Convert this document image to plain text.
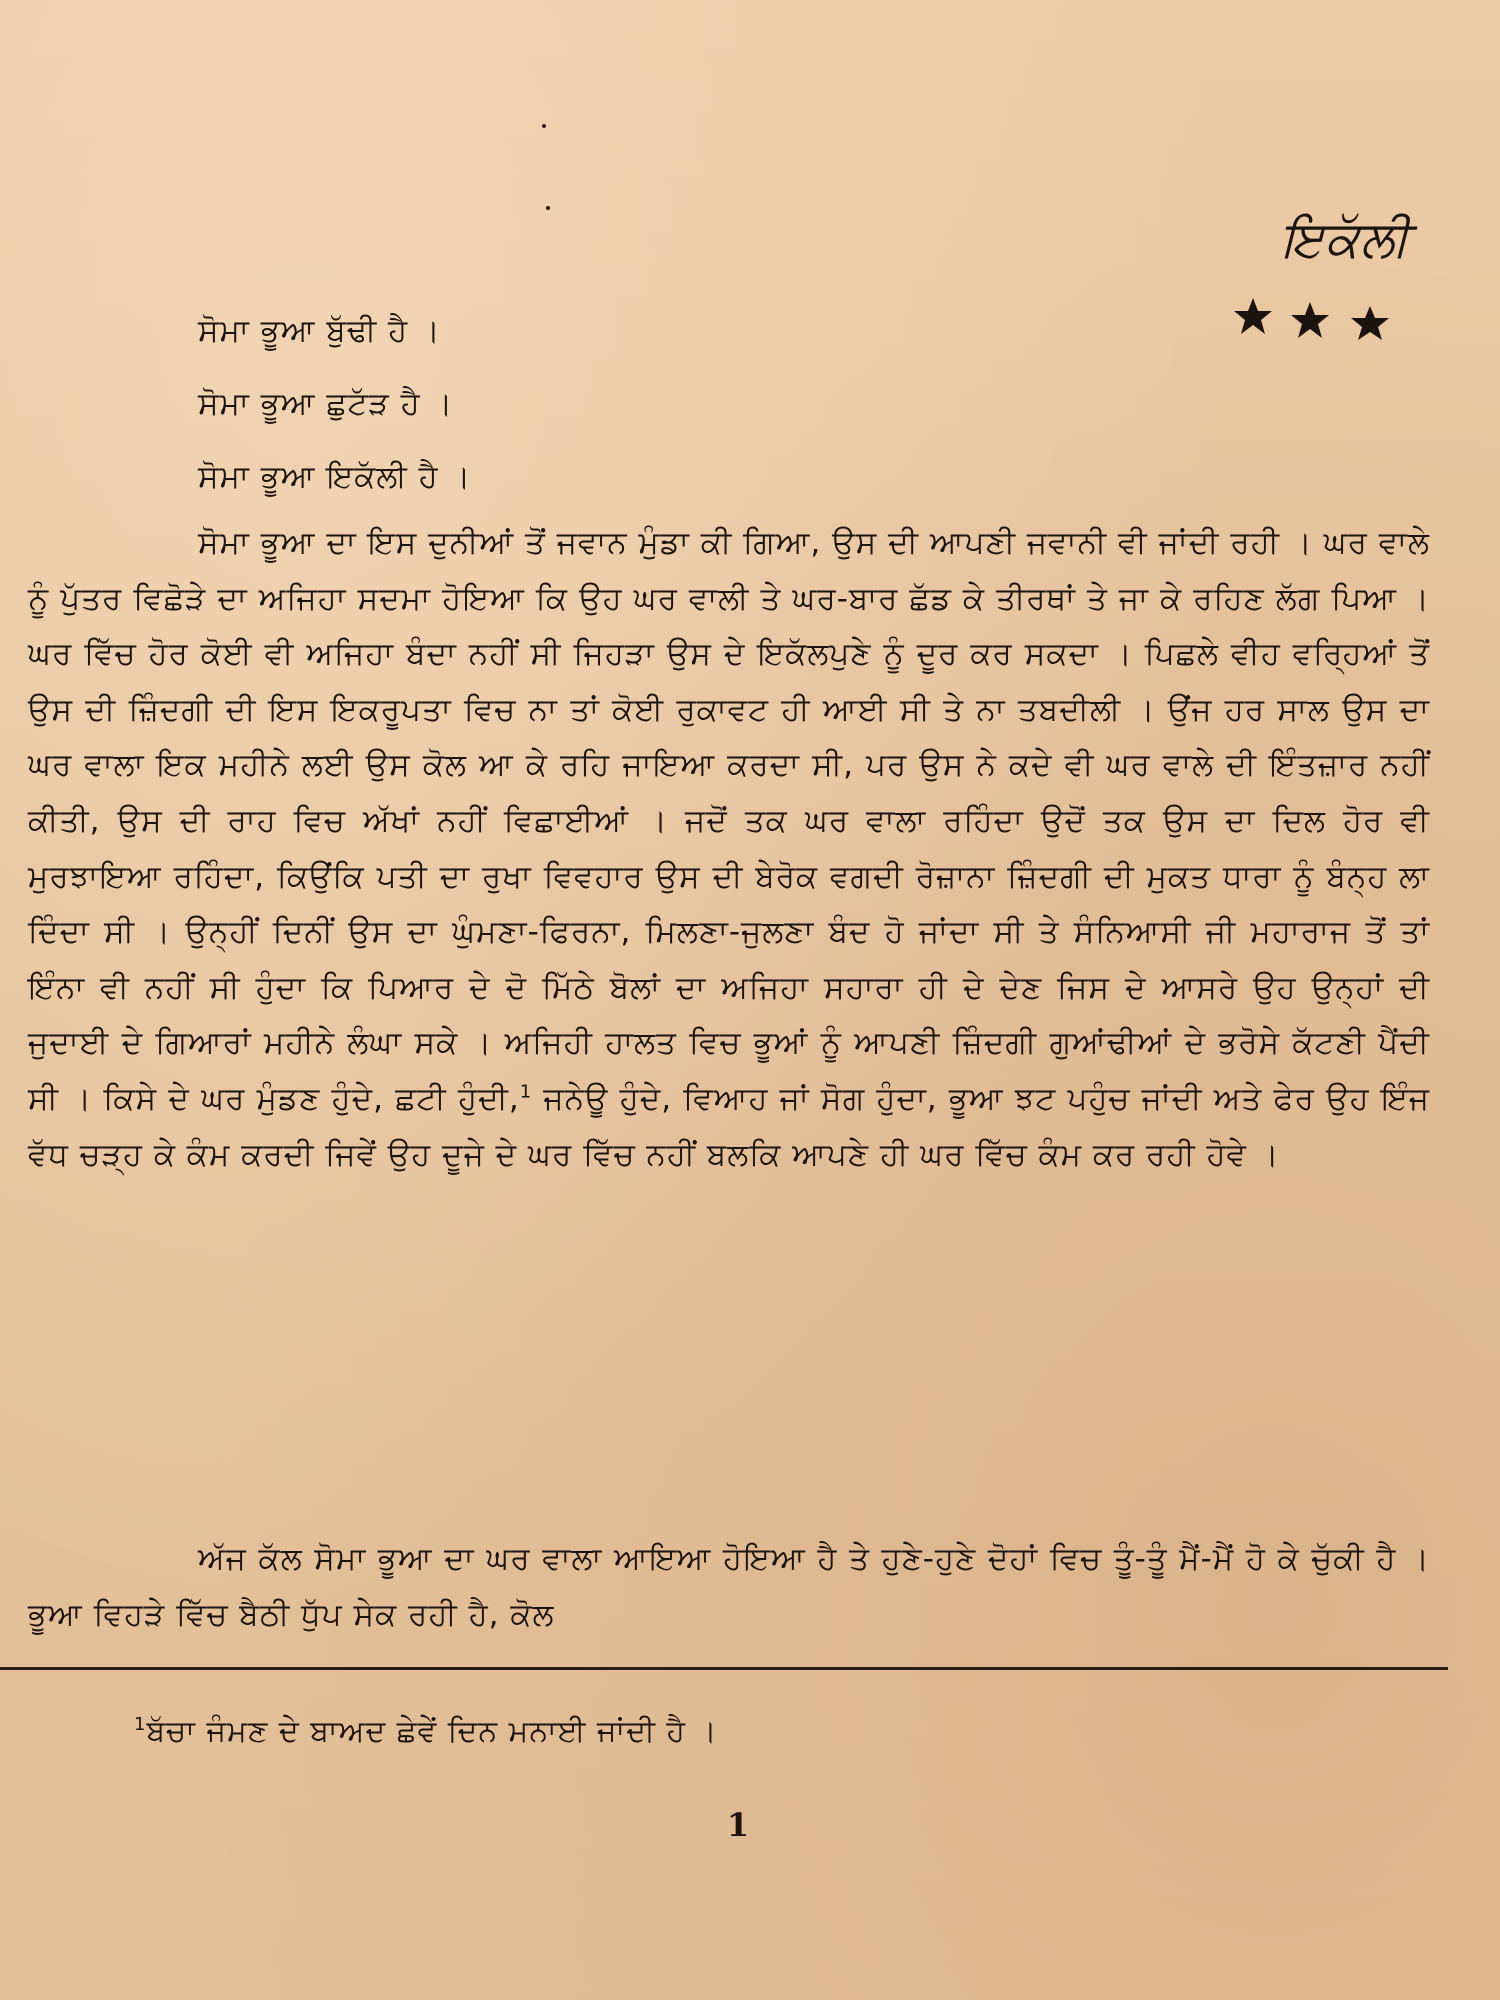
ਇਕੱਲੀ
ਸੋਮਾ ਭੂਆ ਬੁੱਢੀ ਹੈ ।
ਸੋਮਾ ਭੂਆ ਛੁਟੱੜ ਹੈ ।
ਸੋਮਾ ਭੂਆ ਇਕੱਲੀ ਹੈ ।

ਸੋਮਾ ਭੂਆ ਦਾ ਇਸ ਦੁਨੀਆਂ ਤੋਂ ਜਵਾਨ ਮੁੰਡਾ ਕੀ ਗਿਆ, ਉਸ ਦੀ ਆਪਣੀ ਜਵਾਨੀ ਵੀ ਜਾਂਦੀ ਰਹੀ । ਘਰ ਵਾਲੇ ਨੂੰ ਪੁੱਤਰ ਵਿਛੋੜੇ ਦਾ ਅਜਿਹਾ ਸਦਮਾ ਹੋਇਆ ਕਿ ਉਹ ਘਰ ਵਾਲੀ ਤੇ ਘਰ-ਬਾਰ ਛੱਡ ਕੇ ਤੀਰਥਾਂ ਤੇ ਜਾ ਕੇ ਰਹਿਣ ਲੱਗ ਪਿਆ । ਘਰ ਵਿੱਚ ਹੋਰ ਕੋਈ ਵੀ ਅਜਿਹਾ ਬੰਦਾ ਨਹੀਂ ਸੀ ਜਿਹੜਾ ਉਸ ਦੇ ਇਕੱਲਪੁਣੇ ਨੂੰ ਦੂਰ ਕਰ ਸਕਦਾ । ਪਿਛਲੇ ਵੀਹ ਵਰ੍ਹਿਆਂ ਤੋਂ ਉਸ ਦੀ ਜ਼ਿੰਦਗੀ ਦੀ ਇਸ ਇਕਰੂਪਤਾ ਵਿਚ ਨਾ ਤਾਂ ਕੋਈ ਰੁਕਾਵਟ ਹੀ ਆਈ ਸੀ ਤੇ ਨਾ ਤਬਦੀਲੀ । ਉਂਜ ਹਰ ਸਾਲ ਉਸ ਦਾ ਘਰ ਵਾਲਾ ਇਕ ਮਹੀਨੇ ਲਈ ਉਸ ਕੋਲ ਆ ਕੇ ਰਹਿ ਜਾਇਆ ਕਰਦਾ ਸੀ, ਪਰ ਉਸ ਨੇ ਕਦੇ ਵੀ ਘਰ ਵਾਲੇ ਦੀ ਇੰਤਜ਼ਾਰ ਨਹੀਂ ਕੀਤੀ, ਉਸ ਦੀ ਰਾਹ ਵਿਚ ਅੱਖਾਂ ਨਹੀਂ ਵਿਛਾਈਆਂ । ਜਦੋਂ ਤਕ ਘਰ ਵਾਲਾ ਰਹਿੰਦਾ ਉਦੋਂ ਤਕ ਉਸ ਦਾ ਦਿਲ ਹੋਰ ਵੀ ਮੁਰਝਾਇਆ ਰਹਿੰਦਾ, ਕਿਉਂਕਿ ਪਤੀ ਦਾ ਰੁਖਾ ਵਿਵਹਾਰ ਉਸ ਦੀ ਬੇਰੋਕ ਵਗਦੀ ਰੋਜ਼ਾਨਾ ਜ਼ਿੰਦਗੀ ਦੀ ਮੁਕਤ ਧਾਰਾ ਨੂੰ ਬੰਨ੍ਹ ਲਾ ਦਿੰਦਾ ਸੀ । ਉਨ੍ਹੀਂ ਦਿਨੀਂ ਉਸ ਦਾ ਘੁੰਮਣਾ-ਫਿਰਨਾ, ਮਿਲਣਾ-ਜੁਲਣਾ ਬੰਦ ਹੋ ਜਾਂਦਾ ਸੀ ਤੇ ਸੰਨਿਆਸੀ ਜੀ ਮਹਾਰਾਜ ਤੋਂ ਤਾਂ ਇੰਨਾ ਵੀ ਨਹੀਂ ਸੀ ਹੁੰਦਾ ਕਿ ਪਿਆਰ ਦੇ ਦੋ ਮਿੱਠੇ ਬੋਲਾਂ ਦਾ ਅਜਿਹਾ ਸਹਾਰਾ ਹੀ ਦੇ ਦੇਣ ਜਿਸ ਦੇ ਆਸਰੇ ਉਹ ਉਨ੍ਹਾਂ ਦੀ ਜੁਦਾਈ ਦੇ ਗਿਆਰਾਂ ਮਹੀਨੇ ਲੰਘਾ ਸਕੇ । ਅਜਿਹੀ ਹਾਲਤ ਵਿਚ ਭੂਆਂ ਨੂੰ ਆਪਣੀ ਜ਼ਿੰਦਗੀ ਗੁਆਂਢੀਆਂ ਦੇ ਭਰੋਸੇ ਕੱਟਣੀ ਪੈਂਦੀ ਸੀ । ਕਿਸੇ ਦੇ ਘਰ ਮੁੰਡਣ ਹੁੰਦੇ, ਛਟੀ ਹੁੰਦੀ,$^1$ ਜਨੇਊ ਹੁੰਦੇ, ਵਿਆਹ ਜਾਂ ਸੋਗ ਹੁੰਦਾ, ਭੂਆ ਝਟ ਪਹੁੰਚ ਜਾਂਦੀ ਅਤੇ ਫੇਰ ਉਹ ਇੰਜ ਵੱਧ ਚੜ੍ਹ ਕੇ ਕੰਮ ਕਰਦੀ ਜਿਵੇਂ ਉਹ ਦੂਜੇ ਦੇ ਘਰ ਵਿੱਚ ਨਹੀਂ ਬਲਕਿ ਆਪਣੇ ਹੀ ਘਰ ਵਿੱਚ ਕੰਮ ਕਰ ਰਹੀ ਹੋਵੇ ।

ਅੱਜ ਕੱਲ ਸੋਮਾ ਭੂਆ ਦਾ ਘਰ ਵਾਲਾ ਆਇਆ ਹੋਇਆ ਹੈ ਤੇ ਹੁਣੇ-ਹੁਣੇ ਦੋਹਾਂ ਵਿਚ ਤੂੰ-ਤੂੰ ਮੈਂ-ਮੈਂ ਹੋ ਕੇ ਚੁੱਕੀ ਹੈ । ਭੂਆ ਵਿਹੜੇ ਵਿੱਚ ਬੈਠੀ ਧੁੱਪ ਸੇਕ ਰਹੀ ਹੈ, ਕੋਲ

$^1$ਬੱਚਾ ਜੰਮਣ ਦੇ ਬਾਅਦ ਛੇਵੇਂ ਦਿਨ ਮਨਾਈ ਜਾਂਦੀ ਹੈ ।
1
